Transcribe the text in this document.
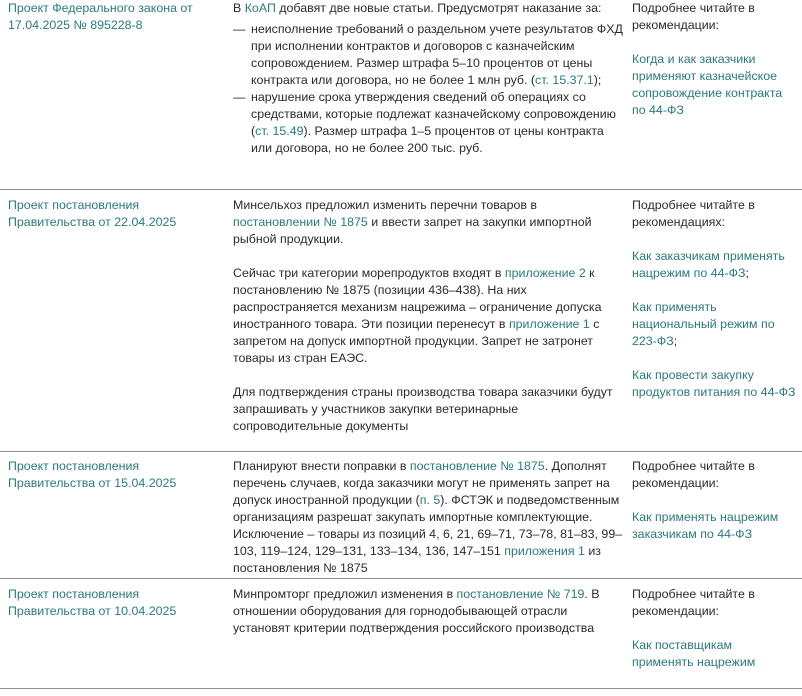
Проект Федерального закона от 17.04.2025 № 895228-8

В КоАП добавят две новые статьи. Предусмотрят наказание за:

— неисполнение требований о раздельном учете результатов ФХД при исполнении контрактов и договоров с казначейским сопровождением. Размер штрафа 5–10 процентов от цены контракта или договора, но не более 1 млн руб. (ст. 15.37.1);
— нарушение срока утверждения сведений об операциях со средствами, которые подлежат казначейскому сопровождению (ст. 15.49). Размер штрафа 1–5 процентов от цены контракта или договора, но не более 200 тыс. руб.

Подробнее читайте в рекомендации:

Когда и как заказчики применяют казначейское сопровождение контракта по 44-ФЗ
Проект постановления Правительства от 22.04.2025

Минсельхоз предложил изменить перечни товаров в постановлении № 1875 и ввести запрет на закупки импортной рыбной продукции.

Сейчас три категории морепродуктов входят в приложение 2 к постановлению № 1875 (позиции 436–438). На них распространяется механизм нацрежима – ограничение допуска иностранного товара. Эти позиции перенесут в приложение 1 с запретом на допуск импортной продукции. Запрет не затронет товары из стран ЕАЭС.

Для подтверждения страны производства товара заказчики будут запрашивать у участников закупки ветеринарные сопроводительные документы

Подробнее читайте в рекомендациях:

Как заказчикам применять нацрежим по 44-ФЗ;
Как применять национальный режим по 223-ФЗ;
Как провести закупку продуктов питания по 44-ФЗ
Проект постановления Правительства от 15.04.2025

Планируют внести поправки в постановление № 1875. Дополнят перечень случаев, когда заказчики могут не применять запрет на допуск иностранной продукции (п. 5). ФСТЭК и подведомственным организациям разрешат закупать импортные комплектующие. Исключение – товары из позиций 4, 6, 21, 69–71, 73–78, 81–83, 99–103, 119–124, 129–131, 133–134, 136, 147–151 приложения 1 из постановления № 1875

Подробнее читайте в рекомендации:

Как применять нацрежим заказчикам по 44-ФЗ
Проект постановления Правительства от 10.04.2025

Минпромторг предложил изменения в постановление № 719. В отношении оборудования для горнодобывающей отрасли установят критерии подтверждения российского производства

Подробнее читайте в рекомендации:

Как поставщикам применять нацрежим
